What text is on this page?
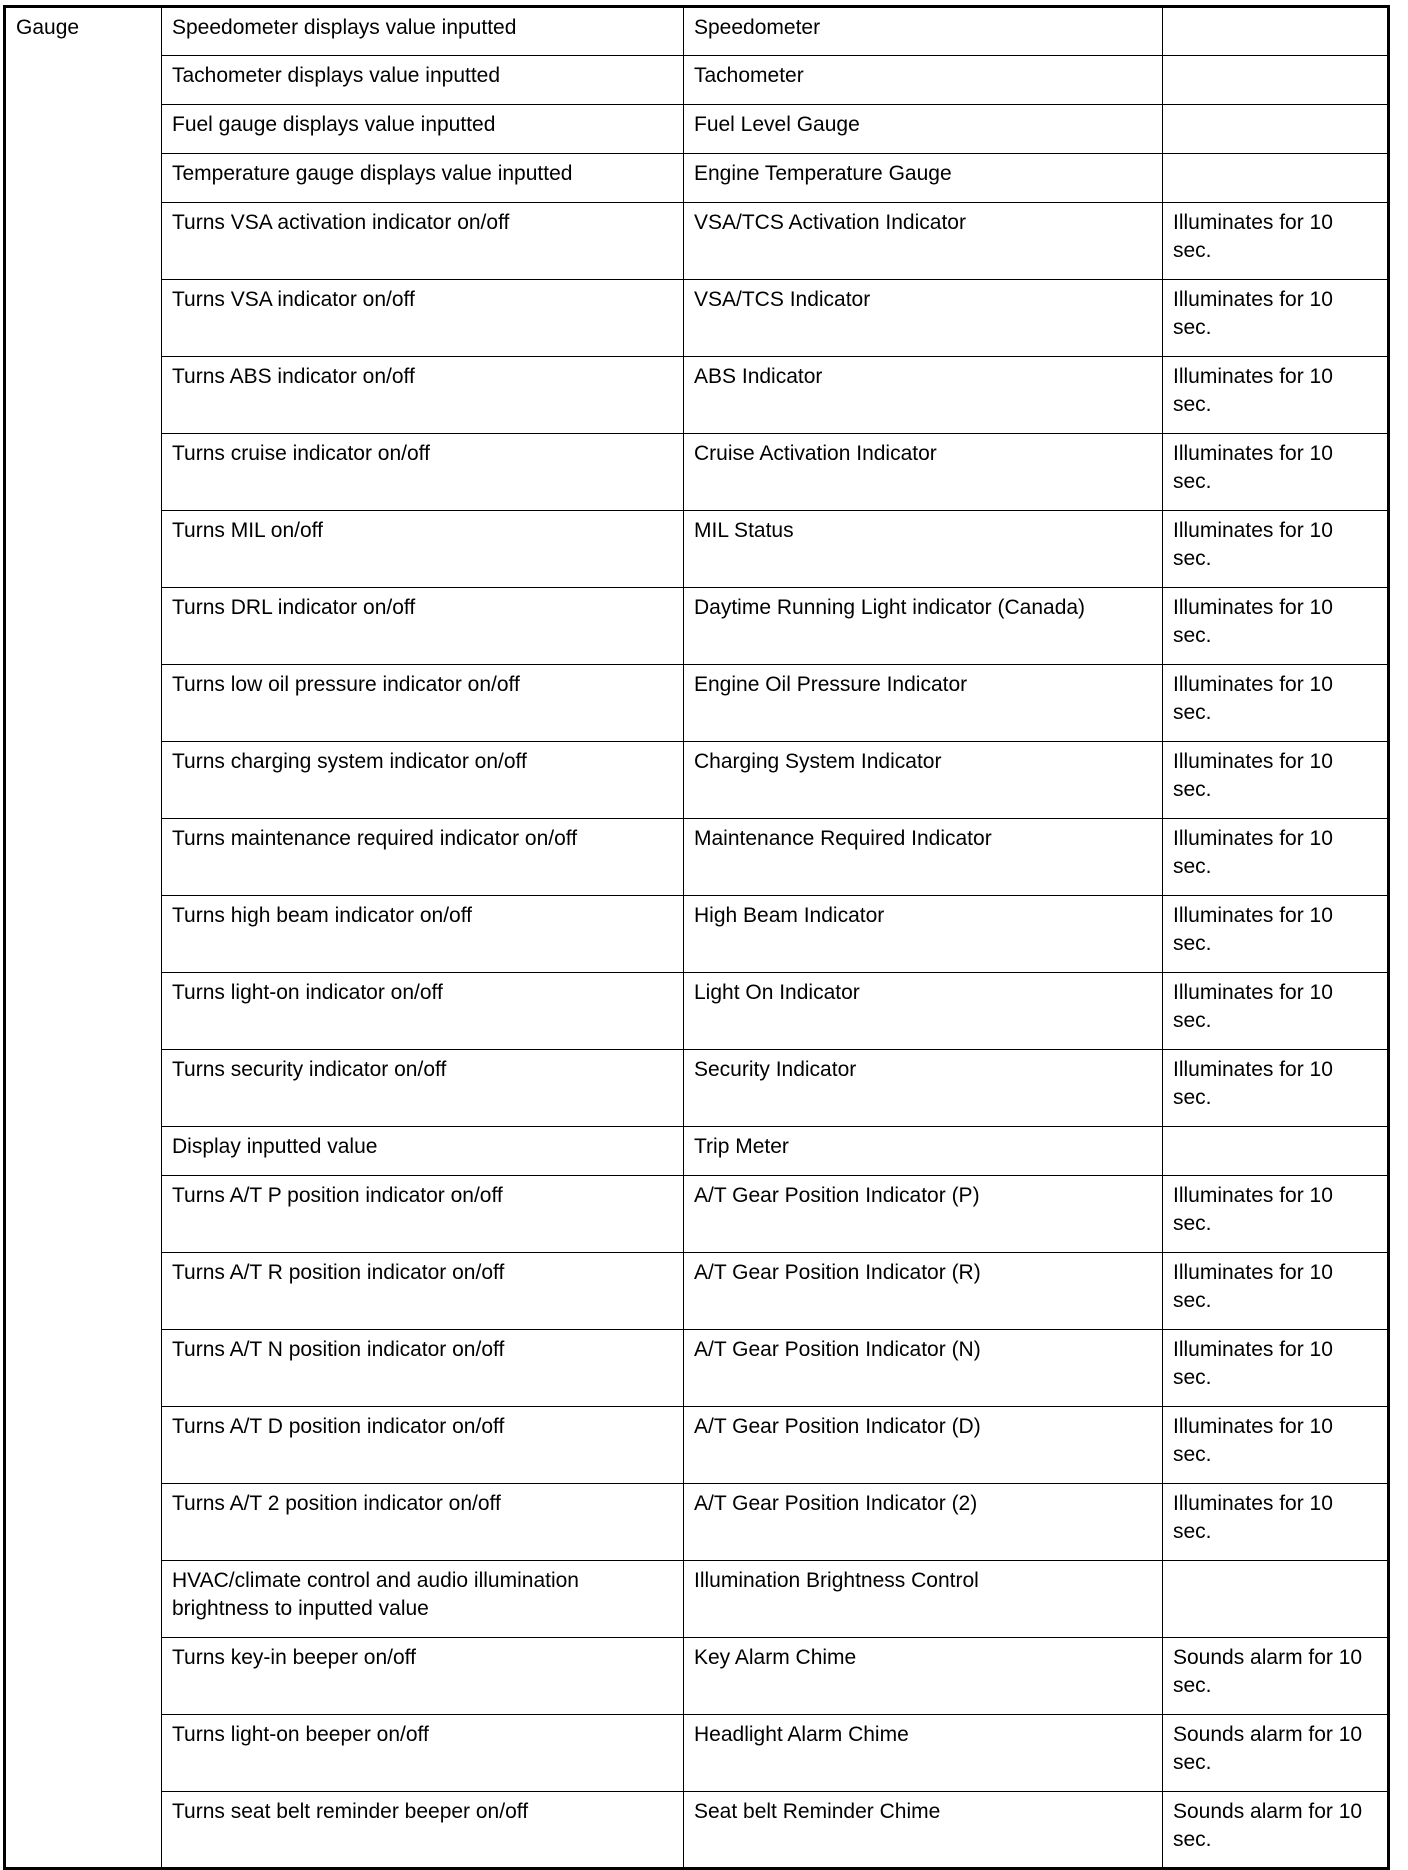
Gauge	Speedometer displays value inputted	Speedometer	
	Tachometer displays value inputted	Tachometer	
	Fuel gauge displays value inputted	Fuel Level Gauge	
	Temperature gauge displays value inputted	Engine Temperature Gauge	
	Turns VSA activation indicator on/off	VSA/TCS Activation Indicator	Illuminates for 10 sec.
	Turns VSA indicator on/off	VSA/TCS Indicator	Illuminates for 10 sec.
	Turns ABS indicator on/off	ABS Indicator	Illuminates for 10 sec.
	Turns cruise indicator on/off	Cruise Activation Indicator	Illuminates for 10 sec.
	Turns MIL on/off	MIL Status	Illuminates for 10 sec.
	Turns DRL indicator on/off	Daytime Running Light indicator (Canada)	Illuminates for 10 sec.
	Turns low oil pressure indicator on/off	Engine Oil Pressure Indicator	Illuminates for 10 sec.
	Turns charging system indicator on/off	Charging System Indicator	Illuminates for 10 sec.
	Turns maintenance required indicator on/off	Maintenance Required Indicator	Illuminates for 10 sec.
	Turns high beam indicator on/off	High Beam Indicator	Illuminates for 10 sec.
	Turns light-on indicator on/off	Light On Indicator	Illuminates for 10 sec.
	Turns security indicator on/off	Security Indicator	Illuminates for 10 sec.
	Display inputted value	Trip Meter	
	Turns A/T P position indicator on/off	A/T Gear Position Indicator (P)	Illuminates for 10 sec.
	Turns A/T R position indicator on/off	A/T Gear Position Indicator (R)	Illuminates for 10 sec.
	Turns A/T N position indicator on/off	A/T Gear Position Indicator (N)	Illuminates for 10 sec.
	Turns A/T D position indicator on/off	A/T Gear Position Indicator (D)	Illuminates for 10 sec.
	Turns A/T 2 position indicator on/off	A/T Gear Position Indicator (2)	Illuminates for 10 sec.
	HVAC/climate control and audio illumination brightness to inputted value	Illumination Brightness Control	
	Turns key-in beeper on/off	Key Alarm Chime	Sounds alarm for 10 sec.
	Turns light-on beeper on/off	Headlight Alarm Chime	Sounds alarm for 10 sec.
	Turns seat belt reminder beeper on/off	Seat belt Reminder Chime	Sounds alarm for 10 sec.
